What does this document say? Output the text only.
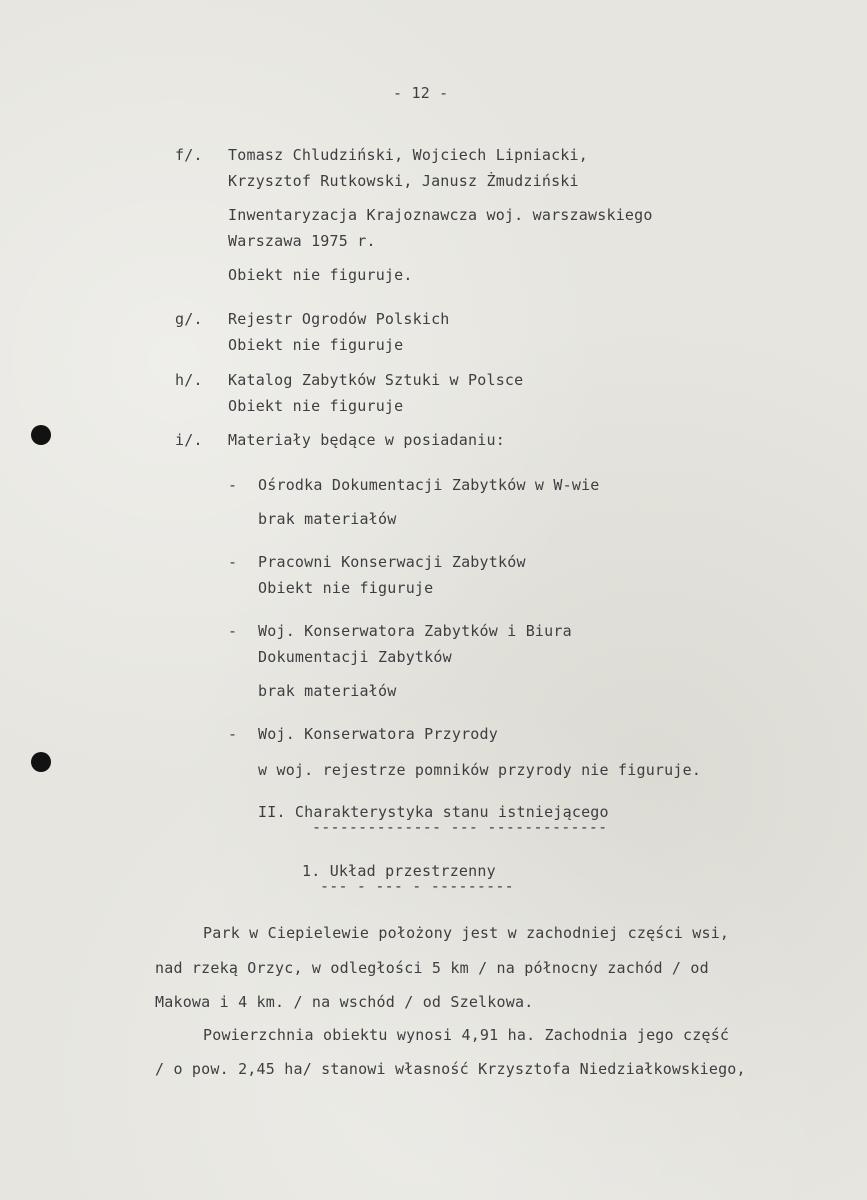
- 12 -
f/. Tomasz Chludziński, Wojciech Lipniacki,
Krzysztof Rutkowski, Janusz Żmudziński
Inwentaryzacja Krajoznawcza woj. warszawskiego
Warszawa 1975 r.
Obiekt nie figuruje.
g/. Rejestr Ogrodów Polskich
Obiekt nie figuruje
h/. Katalog Zabytków Sztuki w Polsce
Obiekt nie figuruje
i/. Materiały będące w posiadaniu:
- Ośrodka Dokumentacji Zabytków w W-wie
brak materiałów
- Pracowni Konserwacji Zabytków
Obiekt nie figuruje
- Woj. Konserwatora Zabytków i Biura
Dokumentacji Zabytków
brak materiałów
- Woj. Konserwatora Przyrody
w woj. rejestrze pomników przyrody nie figuruje.
II. Charakterystyka stanu istniejącego
-------------- --- -------------
1. Układ przestrzenny
--- - --- - ---------
Park w Ciepielewie położony jest w zachodniej części wsi,
nad rzeką Orzyc, w odległości 5 km / na północny zachód / od
Makowa i 4 km. / na wschód / od Szelkowa.
Powierzchnia obiektu wynosi 4,91 ha. Zachodnia jego część
/ o pow. 2,45 ha/ stanowi własność Krzysztofa Niedziałkowskiego,
